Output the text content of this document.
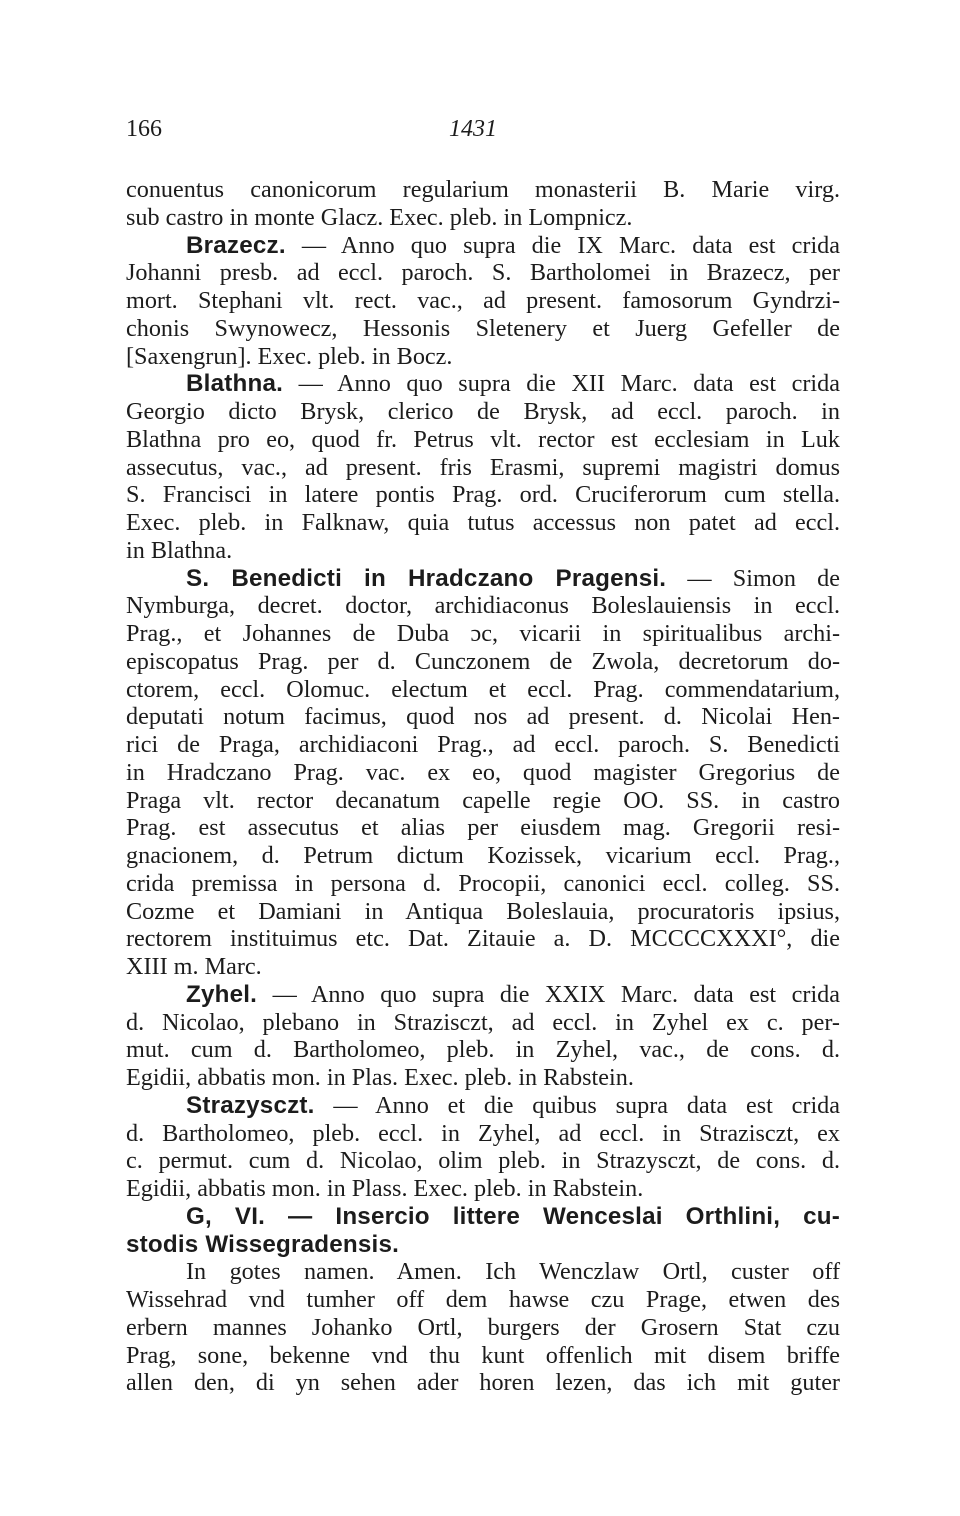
166	1431
conuentus canonicorum regularium monasterii B. Marie virg.
sub castro in monte Glacz. Exec. pleb. in Lompnicz.
Brazecz. — Anno quo supra die IX Marc. data est crida
Johanni presb. ad eccl. paroch. S. Bartholomei in Brazecz, per
mort. Stephani vlt. rect. vac., ad present. famosorum Gyndrzi-
chonis Swynowecz, Hessonis Sletenery et Juerg Gefeller de
[Saxengrun]. Exec. pleb. in Bocz.
Blathna. — Anno quo supra die XII Marc. data est crida
Georgio dicto Brysk, clerico de Brysk, ad eccl. paroch. in
Blathna pro eo, quod fr. Petrus vlt. rector est ecclesiam in Luk
assecutus, vac., ad present. fris Erasmi, supremi magistri domus
S. Francisci in latere pontis Prag. ord. Cruciferorum cum stella.
Exec. pleb. in Falknaw, quia tutus accessus non patet ad eccl.
in Blathna.
S. Benedicti in Hradczano Pragensi. — Simon de
Nymburga, decret. doctor, archidiaconus Boleslauiensis in eccl.
Prag., et Johannes de Duba ɔc, vicarii in spiritualibus archi-
episcopatus Prag. per d. Cunczonem de Zwola, decretorum do-
ctorem, eccl. Olomuc. electum et eccl. Prag. commendatarium,
deputati notum facimus, quod nos ad present. d. Nicolai Hen-
rici de Praga, archidiaconi Prag., ad eccl. paroch. S. Benedicti
in Hradczano Prag. vac. ex eo, quod magister Gregorius de
Praga vlt. rector decanatum capelle regie OO. SS. in castro
Prag. est assecutus et alias per eiusdem mag. Gregorii resi-
gnacionem, d. Petrum dictum Kozissek, vicarium eccl. Prag.,
crida premissa in persona d. Procopii, canonici eccl. colleg. SS.
Cozme et Damiani in Antiqua Boleslauia, procuratoris ipsius,
rectorem instituimus etc. Dat. Zitauie a. D. MCCCCXXXI°, die
XIII m. Marc.
Zyhel. — Anno quo supra die XXIX Marc. data est crida
d. Nicolao, plebano in Strazisczt, ad eccl. in Zyhel ex c. per-
mut. cum d. Bartholomeo, pleb. in Zyhel, vac., de cons. d.
Egidii, abbatis mon. in Plas. Exec. pleb. in Rabstein.
Strazysczt. — Anno et die quibus supra data est crida
d. Bartholomeo, pleb. eccl. in Zyhel, ad eccl. in Strazisczt, ex
c. permut. cum d. Nicolao, olim pleb. in Strazysczt, de cons. d.
Egidii, abbatis mon. in Plass. Exec. pleb. in Rabstein.
G, VI. — Insercio littere Wenceslai Orthlini, cu-
stodis Wissegradensis.
In gotes namen. Amen. Ich Wenczlaw Ortl, custer off
Wissehrad vnd tumher off dem hawse czu Prage, etwen des
erbern mannes Johanko Ortl, burgers der Grosern Stat czu
Prag, sone, bekenne vnd thu kunt offenlich mit disem briffe
allen den, di yn sehen ader horen lezen, das ich mit guter
